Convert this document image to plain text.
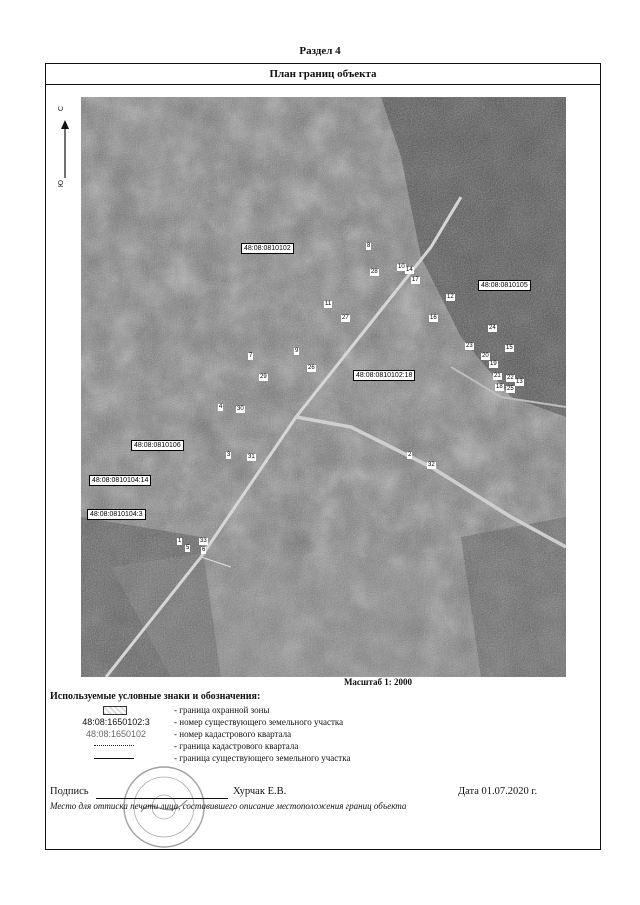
Раздел 4
План границ объекта
С
Ю
48:08:0810102
48:08:0810105
48:08:0810102:18
48:08:0810106
48:08:0810104:14
48:08:0810104:3
8
28
10 14
17
12
27
11
16
24
23	15
9
26
20
19
21 22
13
18 25
7
29
4 30
3	31	2
32
1
5
33
6
Масштаб 1: 2000
Используемые условные знаки и обозначения:
- граница охранной зоны
48:08:1650102:3	- номер существующего земельного участка
48:08:1650102	- номер кадастрового квартала
- граница кадастрового квартала
- граница существующего земельного участка
Подпись	Хурчак Е.В.	Дата 01.07.2020 г.
Место для оттиска печати лица, составившего описание местоположения границ объекта
